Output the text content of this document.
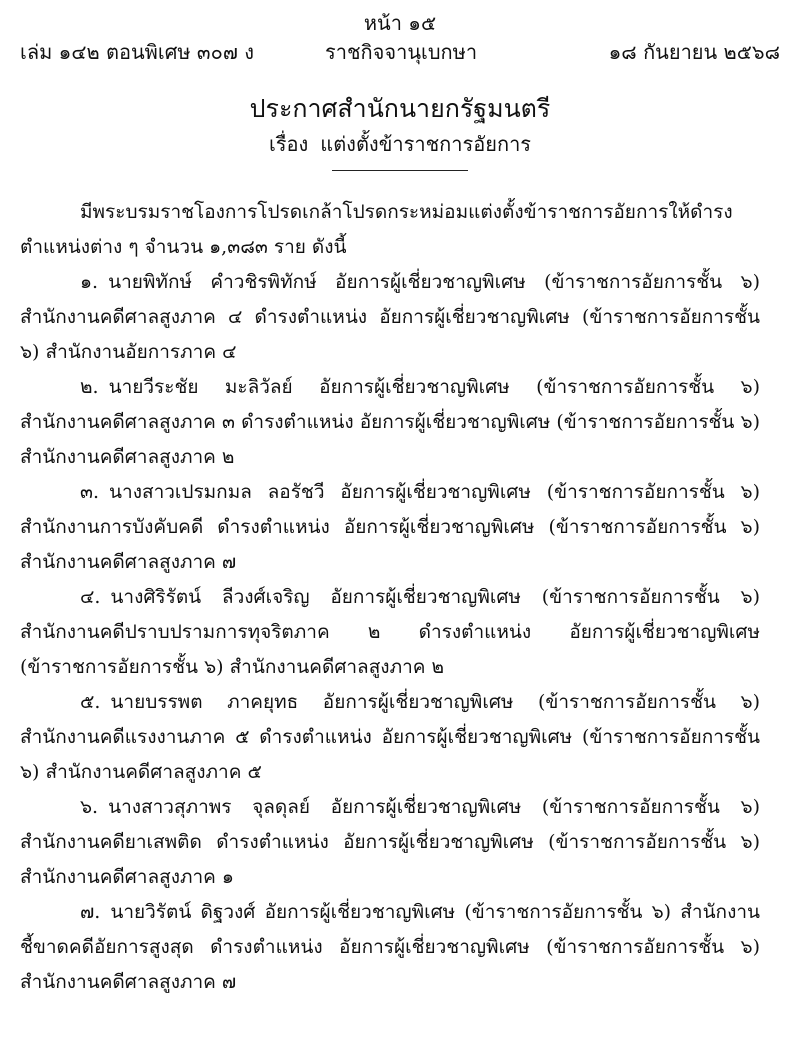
หน้า ๑๕
เล่ม ๑๔๒ ตอนพิเศษ ๓๐๗ ง	ราชกิจจานุเบกษา	๑๘ กันยายน ๒๕๖๘
ประกาศสำนักนายกรัฐมนตรี
เรื่อง แต่งตั้งข้าราชการอัยการ

มีพระบรมราชโองการโปรดเกล้าโปรดกระหม่อมแต่งตั้งข้าราชการอัยการให้ดำรงตำแหน่งต่าง ๆ จำนวน ๑,๓๘๓ ราย ดังนี้

๑. นายพิทักษ์ คำวชิรพิทักษ์ อัยการผู้เชี่ยวชาญพิเศษ (ข้าราชการอัยการชั้น ๖) สำนักงานคดีศาลสูงภาค ๔ ดำรงตำแหน่ง อัยการผู้เชี่ยวชาญพิเศษ (ข้าราชการอัยการชั้น ๖) สำนักงานอัยการภาค ๔

๒. นายวีระชัย มะลิวัลย์ อัยการผู้เชี่ยวชาญพิเศษ (ข้าราชการอัยการชั้น ๖) สำนักงานคดีศาลสูงภาค ๓ ดำรงตำแหน่ง อัยการผู้เชี่ยวชาญพิเศษ (ข้าราชการอัยการชั้น ๖) สำนักงานคดีศาลสูงภาค ๒

๓. นางสาวเปรมกมล ลอรัชวี อัยการผู้เชี่ยวชาญพิเศษ (ข้าราชการอัยการชั้น ๖) สำนักงานการบังคับคดี ดำรงตำแหน่ง อัยการผู้เชี่ยวชาญพิเศษ (ข้าราชการอัยการชั้น ๖) สำนักงานคดีศาลสูงภาค ๗

๔. นางศิริรัตน์ ลีวงศ์เจริญ อัยการผู้เชี่ยวชาญพิเศษ (ข้าราชการอัยการชั้น ๖) สำนักงานคดีปราบปรามการทุจริตภาค ๒ ดำรงตำแหน่ง อัยการผู้เชี่ยวชาญพิเศษ (ข้าราชการอัยการชั้น ๖) สำนักงานคดีศาลสูงภาค ๒

๕. นายบรรพต ภาคยุทธ อัยการผู้เชี่ยวชาญพิเศษ (ข้าราชการอัยการชั้น ๖) สำนักงานคดีแรงงานภาค ๕ ดำรงตำแหน่ง อัยการผู้เชี่ยวชาญพิเศษ (ข้าราชการอัยการชั้น ๖) สำนักงานคดีศาลสูงภาค ๕

๖. นางสาวสุภาพร จุลดุลย์ อัยการผู้เชี่ยวชาญพิเศษ (ข้าราชการอัยการชั้น ๖) สำนักงานคดียาเสพติด ดำรงตำแหน่ง อัยการผู้เชี่ยวชาญพิเศษ (ข้าราชการอัยการชั้น ๖) สำนักงานคดีศาลสูงภาค ๑

๗. นายวิรัตน์ ดิฐวงศ์ อัยการผู้เชี่ยวชาญพิเศษ (ข้าราชการอัยการชั้น ๖) สำนักงานชี้ขาดคดีอัยการสูงสุด ดำรงตำแหน่ง อัยการผู้เชี่ยวชาญพิเศษ (ข้าราชการอัยการชั้น ๖) สำนักงานคดีศาลสูงภาค ๗
